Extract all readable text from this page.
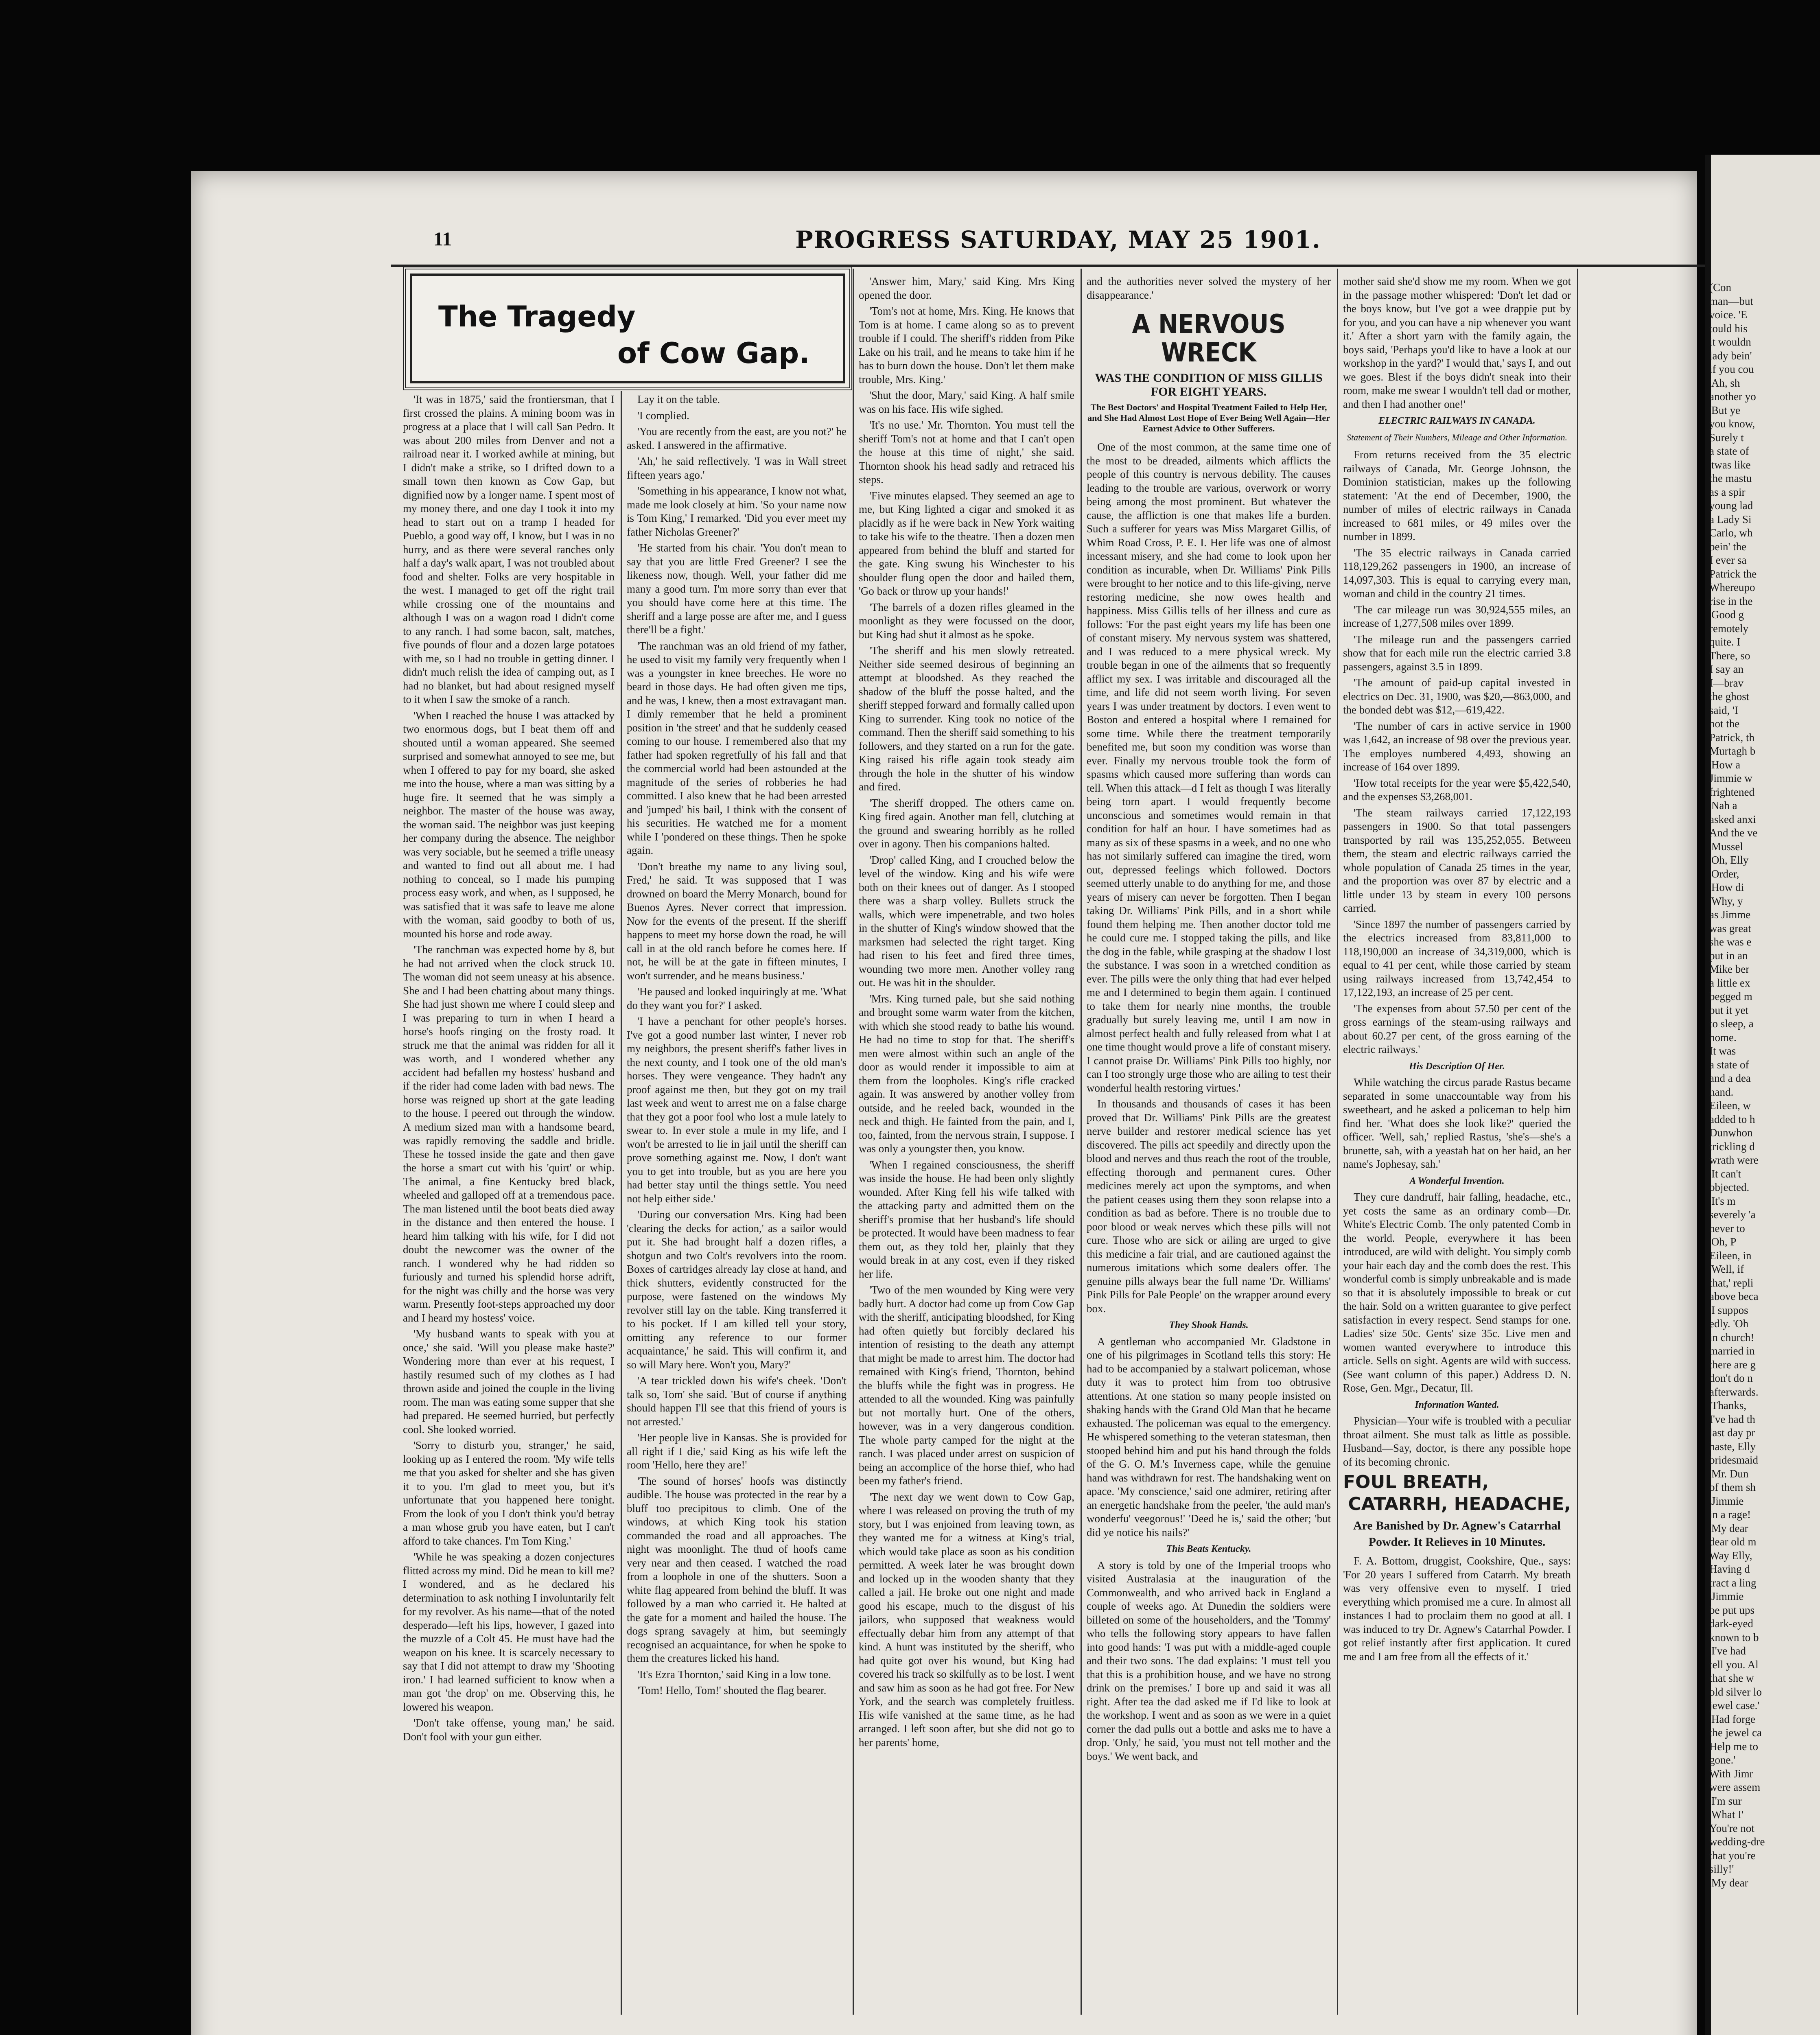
11	PROGRESS SATURDAY, MAY 25 1901.
The Tragedy
of Cow Gap.

'It was in 1875,' said the frontiersman, that I first crossed the plains. A mining boom was in progress at a place that I will call San Pedro. It was about 200 miles from Denver and not a railroad near it. I worked awhile at mining, but I didn't make a strike, so I drifted down to a small town then known as Cow Gap, but dignified now by a longer name. I spent most of my money there, and one day I took it into my head to start out on a tramp I headed for Pueblo, a good way off, I know, but I was in no hurry, and as there were several ranches only half a day's walk apart, I was not troubled about food and shelter. Folks are very hospitable in the west. I managed to get off the right trail while crossing one of the mountains and although I was on a wagon road I didn't come to any ranch. I had some bacon, salt, matches, five pounds of flour and a dozen large potatoes with me, so I had no trouble in getting dinner. I didn't much relish the idea of camping out, as I had no blanket, but had about resigned myself to it when I saw the smoke of a ranch.

'When I reached the house I was attacked by two enormous dogs, but I beat them off and shouted until a woman appeared. She seemed surprised and somewhat annoyed to see me, but when I offered to pay for my board, she asked me into the house, where a man was sitting by a huge fire. It seemed that he was simply a neighbor. The master of the house was away, the woman said. The neighbor was just keeping her company during the absence. The neighbor was very sociable, but he seemed a trifle uneasy and wanted to find out all about me. I had nothing to conceal, so I made his pumping process easy work, and when, as I supposed, he was satisfied that it was safe to leave me alone with the woman, said goodby to both of us, mounted his horse and rode away.

'The ranchman was expected home by 8, but he had not arrived when the clock struck 10. The woman did not seem uneasy at his absence. She and I had been chatting about many things. She had just shown me where I could sleep and I was preparing to turn in when I heard a horse's hoofs ringing on the frosty road. It struck me that the animal was ridden for all it was worth, and I wondered whether any accident had befallen my hostess' husband and if the rider had come laden with bad news. The horse was reigned up short at the gate leading to the house. I peered out through the window. A medium sized man with a handsome beard, was rapidly removing the saddle and bridle. These he tossed inside the gate and then gave the horse a smart cut with his 'quirt' or whip. The animal, a fine Kentucky bred black, wheeled and galloped off at a tremendous pace. The man listened until the boot beats died away in the distance and then entered the house. I heard him talking with his wife, for I did not doubt the newcomer was the owner of the ranch. I wondered why he had ridden so furiously and turned his splendid horse adrift, for the night was chilly and the horse was very warm. Presently foot-steps approached my door and I heard my hostess' voice.

'My husband wants to speak with you at once,' she said. 'Will you please make haste?' Wondering more than ever at his request, I hastily resumed such of my clothes as I had thrown aside and joined the couple in the living room. The man was eating some supper that she had prepared. He seemed hurried, but perfectly cool. She looked worried.

'Sorry to disturb you, stranger,' he said, looking up as I entered the room. 'My wife tells me that you asked for shelter and she has given it to you. I'm glad to meet you, but it's unfortunate that you happened here tonight. From the look of you I don't think you'd betray a man whose grub you have eaten, but I can't afford to take chances. I'm Tom King.'

'While he was speaking a dozen conjectures flitted across my mind. Did he mean to kill me? I wondered, and as he declared his determination to ask nothing I involuntarily felt for my revolver. As his name—that of the noted desperado—left his lips, however, I gazed into the muzzle of a Colt 45. He must have had the weapon on his knee. It is scarcely necessary to say that I did not attempt to draw my 'Shooting iron.' I had learned sufficient to know when a man got 'the drop' on me. Observing this, he lowered his weapon.

'Don't take offense, young man,' he said. Don't fool with your gun either.

Lay it on the table.

'I complied.

'You are recently from the east, are you not?' he asked. I answered in the affirmative.

'Ah,' he said reflectively. 'I was in Wall street fifteen years ago.'

'Something in his appearance, I know not what, made me look closely at him. 'So your name now is Tom King,' I remarked. 'Did you ever meet my father Nicholas Greener?'

'He started from his chair. 'You don't mean to say that you are little Fred Greener? I see the likeness now, though. Well, your father did me many a good turn. I'm more sorry than ever that you should have come here at this time. The sheriff and a large posse are after me, and I guess there'll be a fight.'

'The ranchman was an old friend of my father, he used to visit my family very frequently when I was a youngster in knee breeches. He wore no beard in those days. He had often given me tips, and he was, I knew, then a most extravagant man. I dimly remember that he held a prominent position in 'the street' and that he suddenly ceased coming to our house. I remembered also that my father had spoken regretfully of his fall and that the commercial world had been astounded at the magnitude of the series of robberies he had committed. I also knew that he had been arrested and 'jumped' his bail, I think with the consent of his securities. He watched me for a moment while I 'pondered on these things. Then he spoke again.

'Don't breathe my name to any living soul, Fred,' he said. 'It was supposed that I was drowned on board the Merry Monarch, bound for Buenos Ayres. Never correct that impression. Now for the events of the present. If the sheriff happens to meet my horse down the road, he will call in at the old ranch before he comes here. If not, he will be at the gate in fifteen minutes, I won't surrender, and he means business.'

'He paused and looked inquiringly at me. 'What do they want you for?' I asked.

'I have a penchant for other people's horses. I've got a good number last winter, I never rob my neighbors, the present sheriff's father lives in the next county, and I took one of the old man's horses. They were vengeance. They hadn't any proof against me then, but they got on my trail last week and went to arrest me on a false charge that they got a poor fool who lost a mule lately to swear to. In ever stole a mule in my life, and I won't be arrested to lie in jail until the sheriff can prove something against me. Now, I don't want you to get into trouble, but as you are here you had better stay until the things settle. You need not help either side.'

'During our conversation Mrs. King had been 'clearing the decks for action,' as a sailor would put it. She had brought half a dozen rifles, a shotgun and two Colt's revolvers into the room. Boxes of cartridges already lay close at hand, and thick shutters, evidently constructed for the purpose, were fastened on the windows My revolver still lay on the table. King transferred it to his pocket. If I am killed tell your story, omitting any reference to our former acquaintance,' he said. This will confirm it, and so will Mary here. Won't you, Mary?'

'A tear trickled down his wife's cheek. 'Don't talk so, Tom' she said. 'But of course if anything should happen I'll see that this friend of yours is not arrested.'

'Her people live in Kansas. She is provided for all right if I die,' said King as his wife left the room 'Hello, here they are!'

'The sound of horses' hoofs was distinctly audible. The house was protected in the rear by a bluff too precipitous to climb. One of the windows, at which King took his station commanded the road and all approaches. The night was moonlight. The thud of hoofs came very near and then ceased. I watched the road from a loophole in one of the shutters. Soon a white flag appeared from behind the bluff. It was followed by a man who carried it. He halted at the gate for a moment and hailed the house. The dogs sprang savagely at him, but seemingly recognised an acquaintance, for when he spoke to them the creatures licked his hand.

'It's Ezra Thornton,' said King in a low tone.

'Tom! Hello, Tom!' shouted the flag bearer.

'Answer him, Mary,' said King. Mrs King opened the door.

'Tom's not at home, Mrs. King. He knows that Tom is at home. I came along so as to prevent trouble if I could. The sheriff's ridden from Pike Lake on his trail, and he means to take him if he has to burn down the house. Don't let them make trouble, Mrs. King.'

'Shut the door, Mary,' said King. A half smile was on his face. His wife sighed.

'It's no use.' Mr. Thornton. You must tell the sheriff Tom's not at home and that I can't open the house at this time of night,' she said. Thornton shook his head sadly and retraced his steps.

'Five minutes elapsed. They seemed an age to me, but King lighted a cigar and smoked it as placidly as if he were back in New York waiting to take his wife to the theatre. Then a dozen men appeared from behind the bluff and started for the gate. King swung his Winchester to his shoulder flung open the door and hailed them, 'Go back or throw up your hands!'

'The barrels of a dozen rifles gleamed in the moonlight as they were focussed on the door, but King had shut it almost as he spoke.

'The sheriff and his men slowly retreated. Neither side seemed desirous of beginning an attempt at bloodshed. As they reached the shadow of the bluff the posse halted, and the sheriff stepped forward and formally called upon King to surrender. King took no notice of the command. Then the sheriff said something to his followers, and they started on a run for the gate. King raised his rifle again took steady aim through the hole in the shutter of his window and fired.

'The sheriff dropped. The others came on. King fired again. Another man fell, clutching at the ground and swearing horribly as he rolled over in agony. Then his companions halted.

'Drop' called King, and I crouched below the level of the window. King and his wife were both on their knees out of danger. As I stooped there was a sharp volley. Bullets struck the walls, which were impenetrable, and two holes in the shutter of King's window showed that the marksmen had selected the right target. King had risen to his feet and fired three times, wounding two more men. Another volley rang out. He was hit in the shoulder.

'Mrs. King turned pale, but she said nothing and brought some warm water from the kitchen, with which she stood ready to bathe his wound. He had no time to stop for that. The sheriff's men were almost within such an angle of the door as would render it impossible to aim at them from the loopholes. King's rifle cracked again. It was answered by another volley from outside, and he reeled back, wounded in the neck and thigh. He fainted from the pain, and I, too, fainted, from the nervous strain, I suppose. I was only a youngster then, you know.

'When I regained consciousness, the sheriff was inside the house. He had been only slightly wounded. After King fell his wife talked with the attacking party and admitted them on the sheriff's promise that her husband's life should be protected. It would have been madness to fear them out, as they told her, plainly that they would break in at any cost, even if they risked her life.

'Two of the men wounded by King were very badly hurt. A doctor had come up from Cow Gap with the sheriff, anticipating bloodshed, for King had often quietly but forcibly declared his intention of resisting to the death any attempt that might be made to arrest him. The doctor had remained with King's friend, Thornton, behind the bluffs while the fight was in progress. He attended to all the wounded. King was painfully but not mortally hurt. One of the others, however, was in a very dangerous condition. The whole party camped for the night at the ranch. I was placed under arrest on suspicion of being an accomplice of the horse thief, who had been my father's friend.

'The next day we went down to Cow Gap, where I was released on proving the truth of my story, but I was enjoined from leaving town, as they wanted me for a witness at King's trial, which would take place as soon as his condition permitted. A week later he was brought down and locked up in the wooden shanty that they called a jail. He broke out one night and made good his escape, much to the disgust of his jailors, who supposed that weakness would effectually debar him from any attempt of that kind. A hunt was instituted by the sheriff, who had quite got over his wound, but King had covered his track so skilfully as to be lost. I went and saw him as soon as he had got free. For New York, and the search was completely fruitless. His wife vanished at the same time, as he had arranged. I left soon after, but she did not go to her parents' home,

and the authorities never solved the mystery of her disappearance.'

A NERVOUS WRECK
WAS THE CONDITION OF MISS GILLIS FOR EIGHT YEARS.
The Best Doctors' and Hospital Treatment Failed to Help Her, and She Had Almost Lost Hope of Ever Being Well Again—Her Earnest Advice to Other Sufferers.

One of the most common, at the same time one of the most to be dreaded, ailments which afflicts the people of this country is nervous debility. The causes leading to the trouble are various, overwork or worry being among the most prominent. But whatever the cause, the affliction is one that makes life a burden. Such a sufferer for years was Miss Margaret Gillis, of Whim Road Cross, P. E. I. Her life was one of almost incessant misery, and she had come to look upon her condition as incurable, when Dr. Williams' Pink Pills were brought to her notice and to this life-giving, nerve restoring medicine, she now owes health and happiness. Miss Gillis tells of her illness and cure as follows: 'For the past eight years my life has been one of constant misery. My nervous system was shattered, and I was reduced to a mere physical wreck. My trouble began in one of the ailments that so frequently afflict my sex. I was irritable and discouraged all the time, and life did not seem worth living. For seven years I was under treatment by doctors. I even went to Boston and entered a hospital where I remained for some time. While there the treatment temporarily benefited me, but soon my condition was worse than ever. Finally my nervous trouble took the form of spasms which caused more suffering than words can tell. When this attack—d I felt as though I was literally being torn apart. I would frequently become unconscious and sometimes would remain in that condition for half an hour. I have sometimes had as many as six of these spasms in a week, and no one who has not similarly suffered can imagine the tired, worn out, depressed feelings which followed. Doctors seemed utterly unable to do anything for me, and those years of misery can never be forgotten. Then I began taking Dr. Williams' Pink Pills, and in a short while found them helping me. Then another doctor told me he could cure me. I stopped taking the pills, and like the dog in the fable, while grasping at the shadow I lost the substance. I was soon in a wretched condition as ever. The pills were the only thing that had ever helped me and I determined to begin them again. I continued to take them for nearly nine months, the trouble gradually but surely leaving me, until I am now in almost perfect health and fully released from what I at one time thought would prove a life of constant misery. I cannot praise Dr. Williams' Pink Pills too highly, nor can I too strongly urge those who are ailing to test their wonderful health restoring virtues.'

In thousands and thousands of cases it has been proved that Dr. Williams' Pink Pills are the greatest nerve builder and restorer medical science has yet discovered. The pills act speedily and directly upon the blood and nerves and thus reach the root of the trouble, effecting thorough and permanent cures. Other medicines merely act upon the symptoms, and when the patient ceases using them they soon relapse into a condition as bad as before. There is no trouble due to poor blood or weak nerves which these pills will not cure. Those who are sick or ailing are urged to give this medicine a fair trial, and are cautioned against the numerous imitations which some dealers offer. The genuine pills always bear the full name 'Dr. Williams' Pink Pills for Pale People' on the wrapper around every box.

They Shook Hands.

A gentleman who accompanied Mr. Gladstone in one of his pilgrimages in Scotland tells this story: He had to be accompanied by a stalwart policeman, whose duty it was to protect him from too obtrusive attentions. At one station so many people insisted on shaking hands with the Grand Old Man that he became exhausted. The policeman was equal to the emergency. He whispered something to the veteran statesman, then stooped behind him and put his hand through the folds of the G. O. M.'s Inverness cape, while the genuine hand was withdrawn for rest. The handshaking went on apace. 'My conscience,' said one admirer, retiring after an energetic handshake from the peeler, 'the auld man's wonderfu' veegorous!' 'Deed he is,' said the other; 'but did ye notice his nails?'

This Beats Kentucky.

A story is told by one of the Imperial troops who visited Australasia at the inauguration of the Commonwealth, and who arrived back in England a couple of weeks ago. At Dunedin the soldiers were billeted on some of the householders, and the 'Tommy' who tells the following story appears to have fallen into good hands: 'I was put with a middle-aged couple and their two sons. The dad explains: 'I must tell you that this is a prohibition house, and we have no strong drink on the premises.' I bore up and said it was all right. After tea the dad asked me if I'd like to look at the workshop. I went and as soon as we were in a quiet corner the dad pulls out a bottle and asks me to have a drop. 'Only,' he said, 'you must not tell mother and the boys.' We went back, and

mother said she'd show me my room. When we got in the passage mother whispered: 'Don't let dad or the boys know, but I've got a wee drappie put by for you, and you can have a nip whenever you want it.' After a short yarn with the family again, the boys said, 'Perhaps you'd like to have a look at our workshop in the yard?' I would that,' says I, and out we goes. Blest if the boys didn't sneak into their room, make me swear I wouldn't tell dad or mother, and then I had another one!'

ELECTRIC RAILWAYS IN CANADA.
Statement of Their Numbers, Mileage and Other Information.

From returns received from the 35 electric railways of Canada, Mr. George Johnson, the Dominion statistician, makes up the following statement: 'At the end of December, 1900, the number of miles of electric railways in Canada increased to 681 miles, or 49 miles over the number in 1899.

'The 35 electric railways in Canada carried 118,129,262 passengers in 1900, an increase of 14,097,303. This is equal to carrying every man, woman and child in the country 21 times.

'The car mileage run was 30,924,555 miles, an increase of 1,277,508 miles over 1899.

'The mileage run and the passengers carried show that for each mile run the electric carried 3.8 passengers, against 3.5 in 1899.

'The amount of paid-up capital invested in electrics on Dec. 31, 1900, was $20,—863,000, and the bonded debt was $12,—619,422.

'The number of cars in active service in 1900 was 1,642, an increase of 98 over the previous year. The employes numbered 4,493, showing an increase of 164 over 1899.

'How total receipts for the year were $5,422,540, and the expenses $3,268,001.

'The steam railways carried 17,122,193 passengers in 1900. So that total passengers transported by rail was 135,252,055. Between them, the steam and electric railways carried the whole population of Canada 25 times in the year, and the proportion was over 87 by electric and a little under 13 by steam in every 100 persons carried.

'Since 1897 the number of passengers carried by the electrics increased from 83,811,000 to 118,190,000 an increase of 34,319,000, which is equal to 41 per cent, while those carried by steam using railways increased from 13,742,454 to 17,122,193, an increase of 25 per cent.

'The expenses from about 57.50 per cent of the gross earnings of the steam-using railways and about 60.27 per cent, of the gross earning of the electric railways.'

His Description Of Her.

While watching the circus parade Rastus became separated in some unaccountable way from his sweetheart, and he asked a policeman to help him find her. 'What does she look like?' queried the officer. 'Well, sah,' replied Rastus, 'she's—she's a brunette, sah, with a yeastah hat on her haid, an her name's Jophesay, sah.'

A Wonderful Invention.

They cure dandruff, hair falling, headache, etc., yet costs the same as an ordinary comb—Dr. White's Electric Comb. The only patented Comb in the world. People, everywhere it has been introduced, are wild with delight. You simply comb your hair each day and the comb does the rest. This wonderful comb is simply unbreakable and is made so that it is absolutely impossible to break or cut the hair. Sold on a written guarantee to give perfect satisfaction in every respect. Send stamps for one. Ladies' size 50c. Gents' size 35c. Live men and women wanted everywhere to introduce this article. Sells on sight. Agents are wild with success. (See want column of this paper.) Address D. N. Rose, Gen. Mgr., Decatur, Ill.

Information Wanted.

Physician—Your wife is troubled with a peculiar throat ailment. She must talk as little as possible. Husband—Say, doctor, is there any possible hope of its becoming chronic.

FOUL BREATH,
CATARRH, HEADACHE,
Are Banished by Dr. Agnew's Catarrhal Powder. It Relieves in 10 Minutes.

F. A. Bottom, druggist, Cookshire, Que., says: 'For 20 years I suffered from Catarrh. My breath was very offensive even to myself. I tried everything which promised me a cure. In almost all instances I had to proclaim them no good at all. I was induced to try Dr. Agnew's Catarrhal Powder. I got relief instantly after first application. It cured me and I am free from all the effects of it.'

(Con
man—but
voice. 'E
tould his
it wouldn
lady bein'
if you cou
'Ah, sh
another yo
'But ye
you know,
Surely t
a state of
'twas like
the mastu
as a spir
young lad
a Lady Si
Carlo, wh
bein' the
I ever sa
Patrick the
Whereupo
rise in the
'Good g
remotely
quite. I
There, so
I say an
I—brav
the ghost
said, 'I
not the
Patrick, th
Murtagh b
'How a
Jimmie w
frightened
'Nah a
asked anxi
And the ve
'Mussel
'Oh, Elly
'Order,
'How di
'Why, y
as Jimme
was great
she was e
put in an
Mike ber
a little ex
begged m
put it yet
to sleep, a
home.
It was
a state of
and a dea
hand.
Eileen, w
added to h
Dunwhon
trickling d
wrath were
'It can't
objected.
'It's m
severely 'a
never to
'Oh, P
Eileen, in
'Well, if
that,' repli
above beca
'I suppos
edly. 'Oh
in church!
married in
there are g
don't do n
afterwards.
'Thanks,
I've had th
last day pr
haste, Elly
bridesmaid
'Mr. Dun
of them sh
'Jimmie
in a rage!
'My dear
dear old m
Way Elly,
Having d
tract a ling
'Jimmie
be put ups
dark-eyed
known to b
'I've had
tell you. Al
that she w
old silver lo
jewel case.'
'Had forge
the jewel ca
Help me to
gone.'
With Jimr
were assem
'I'm sur
'What I'
You're not
wedding-dre
that you're
silly!'
'My dear
